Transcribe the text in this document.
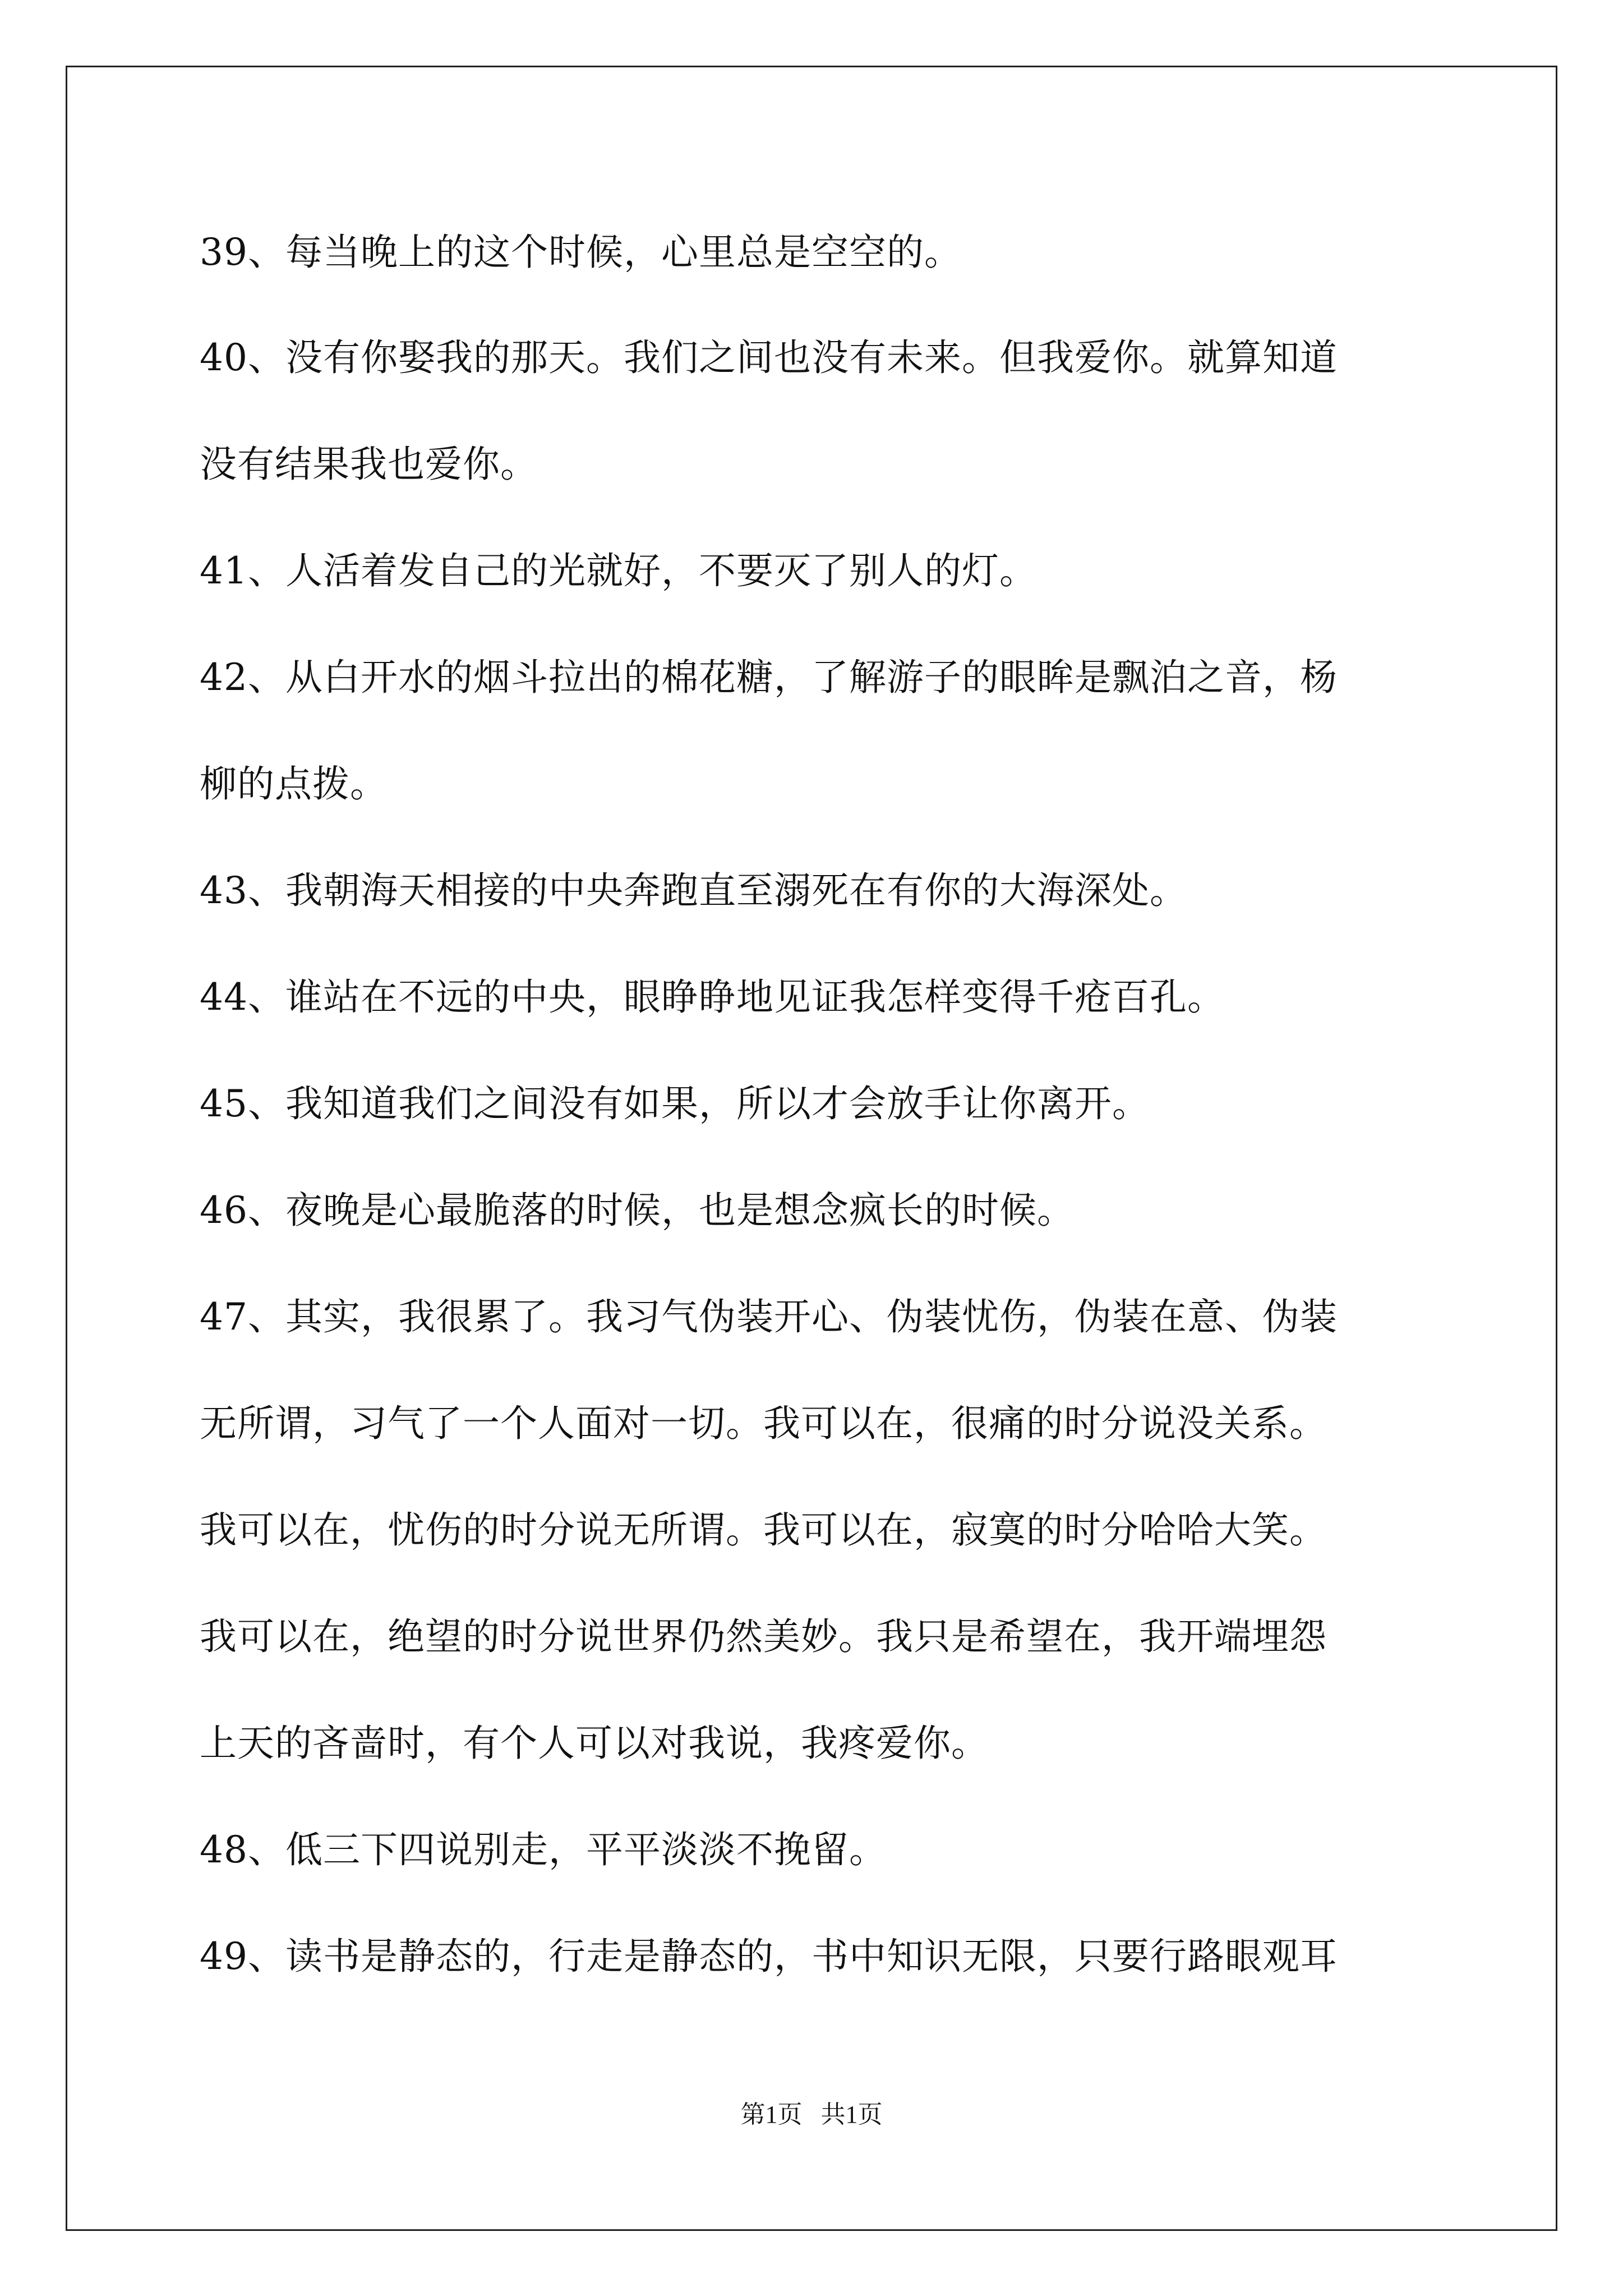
39、每当晚上的这个时候，心里总是空空的。
40、没有你娶我的那天。我们之间也没有未来。但我爱你。就算知道
没有结果我也爱你。
41、人活着发自己的光就好，不要灭了别人的灯。
42、从白开水的烟斗拉出的棉花糖，了解游子的眼眸是飘泊之音，杨
柳的点拨。
43、我朝海天相接的中央奔跑直至溺死在有你的大海深处。
44、谁站在不远的中央，眼睁睁地见证我怎样变得千疮百孔。
45、我知道我们之间没有如果，所以才会放手让你离开。
46、夜晚是心最脆落的时候，也是想念疯长的时候。
47、其实，我很累了。我习气伪装开心、伪装忧伤，伪装在意、伪装
无所谓，习气了一个人面对一切。我可以在，很痛的时分说没关系。
我可以在，忧伤的时分说无所谓。我可以在，寂寞的时分哈哈大笑。
我可以在，绝望的时分说世界仍然美妙。我只是希望在，我开端埋怨
上天的吝啬时，有个人可以对我说，我疼爱你。
48、低三下四说别走，平平淡淡不挽留。
49、读书是静态的，行走是静态的，书中知识无限，只要行路眼观耳
第1页   共1页
